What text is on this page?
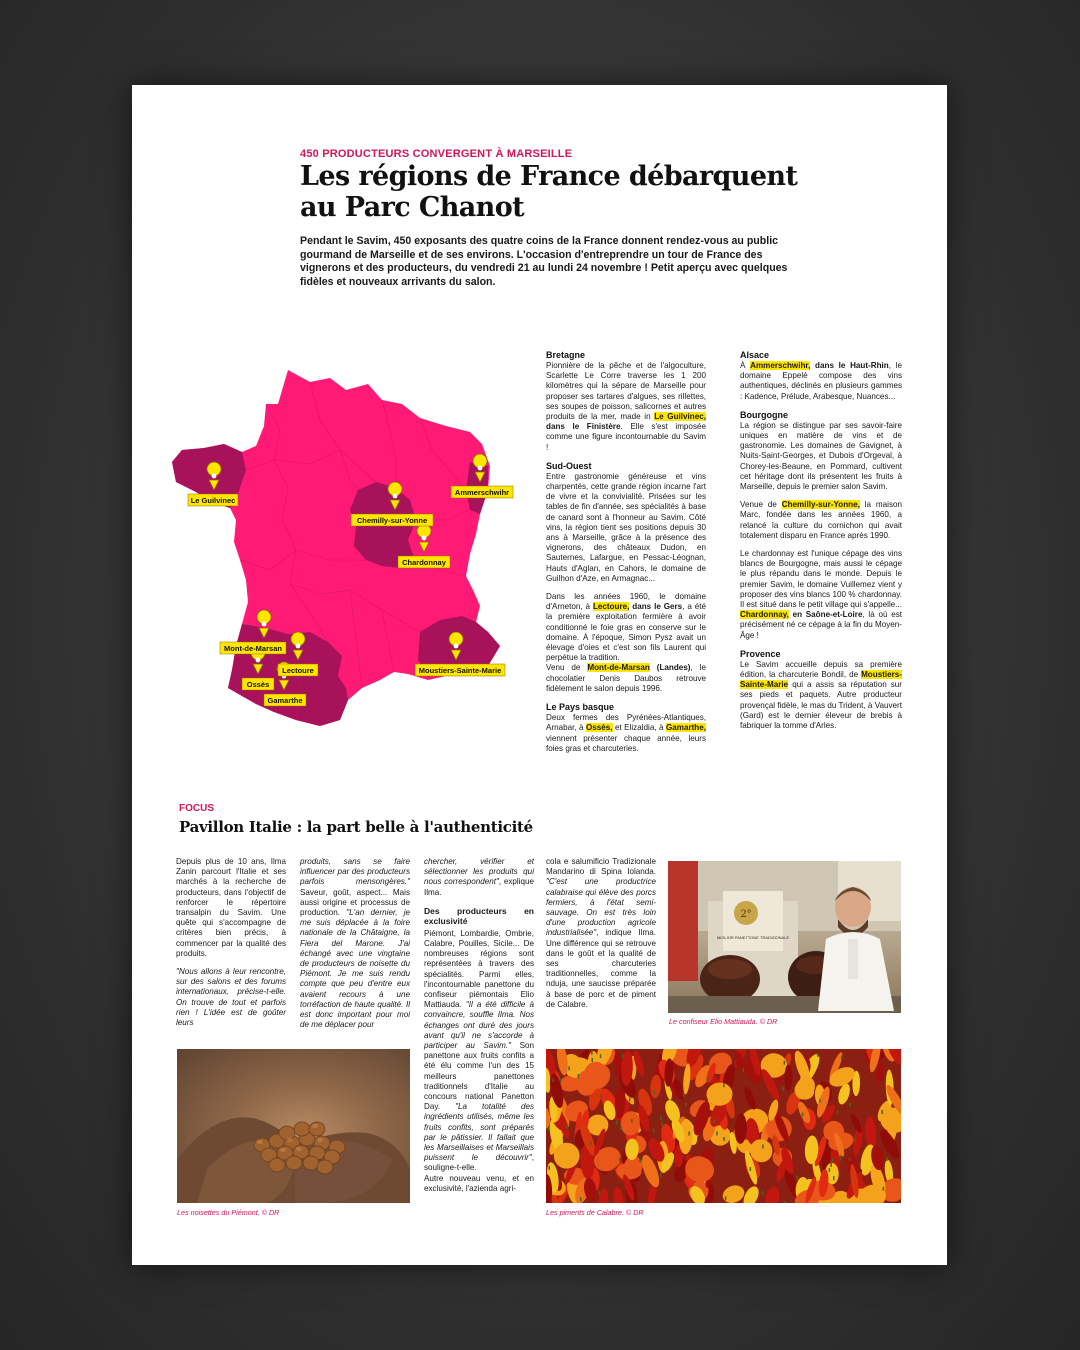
450 PRODUCTEURS CONVERGENT À MARSEILLE
Les régions de France débarquent
au Parc Chanot

Pendant le Savim, 450 exposants des quatre coins de la France donnent rendez-vous au public gourmand de Marseille et de ses environs. L'occasion d'entreprendre un tour de France des vignerons et des producteurs, du vendredi 21 au lundi 24 novembre ! Petit aperçu avec quelques fidèles et nouveaux arrivants du salon.

Le Guilvinec
Ammerschwihr
Chemilly-sur-Yonne
Chardonnay
Mont-de-Marsan
Lectoure	Moustiers-Sainte-Marie
Ossès
Gamarthe
Bretagne

Pionnière de la pêche et de l'algoculture, Scarlette Le Corre traverse les 1 200 kilomètres qui la sépare de Marseille pour proposer ses tartares d'algues, ses rillettes, ses soupes de poisson, salicornes et autres produits de la mer, made in Le Guilvinec, dans le Finistère. Elle s'est imposée comme une figure incontournable du Savim !

Sud-Ouest

Entre gastronomie généreuse et vins charpentés, cette grande région incarne l'art de vivre et la convivialité. Prisées sur les tables de fin d'année, ses spécialités à base de canard sont à l'honneur au Savim. Côté vins, la région tient ses positions depuis 30 ans à Marseille, grâce à la présence des vignerons, des châteaux Dudon, en Sauternes, Lafargue, en Pessac-Léognan, Hauts d'Aglan, en Cahors, le domaine de Guilhon d'Aze, en Armagnac...

Dans les années 1960, le domaine d'Arneton, à Lectoure, dans le Gers, a été la première exploitation fermière à avoir conditionné le foie gras en conserve sur le domaine. À l'époque, Simon Pysz avait un élevage d'oies et c'est son fils Laurent qui perpétue la tradition.

Venu de Mont-de-Marsan (Landes), le chocolatier Denis Daubos retrouve fidèlement le salon depuis 1996.

Le Pays basque

Deux fermes des Pyrénées-Atlantiques, Arnabar, à Ossès, et Elizaldia, à Gamarthe, viennent présenter chaque année, leurs foies gras et charcuteries.

Alsace

À Ammerschwihr, dans le Haut-Rhin, le domaine Eppelé compose des vins authentiques, déclinés en plusieurs gammes : Kadence, Prélude, Arabesque, Nuances...

Bourgogne

La région se distingue par ses savoir-faire uniques en matière de vins et de gastronomie. Les domaines de Gavignet, à Nuits-Saint-Georges, et Dubois d'Orgeval, à Chorey-les-Beaune, en Pommard, cultivent cet héritage dont ils présentent les fruits à Marseille, depuis le premier salon Savim.

Venue de Chemilly-sur-Yonne, la maison Marc, fondée dans les années 1960, a relancé la culture du cornichon qui avait totalement disparu en France après 1990.

Le chardonnay est l'unique cépage des vins blancs de Bourgogne, mais aussi le cépage le plus répandu dans le monde. Depuis le premier Savim, le domaine Vuillemez vient y proposer des vins blancs 100 % chardonnay. Il est situé dans le petit village qui s'appelle... Chardonnay, en Saône-et-Loire, là où est précisément né ce cépage à la fin du Moyen-Âge !

Provence

Le Savim accueille depuis sa première édition, la charcuterie Bondil, de Moustiers-Sainte-Marie qui a assis sa réputation sur ses pieds et paquets. Autre producteur provençal fidèle, le mas du Trident, à Vauvert (Gard) est le dernier éleveur de brebis à fabriquer la tomme d'Arles.

FOCUS
Pavillon Italie : la part belle à l'authenticité

Depuis plus de 10 ans, Ilma Zanin parcourt l'Italie et ses marchés à la recherche de producteurs, dans l'objectif de renforcer le répertoire transalpin du Savim. Une quête qui s'accompagne de critères bien précis, à commencer par la qualité des produits.

"Nous allons à leur rencontre, sur des salons et des forums internationaux, précise-t-elle. On trouve de tout et parfois rien ! L'idée est de goûter leurs

produits, sans se faire influencer par des producteurs parfois mensongères." Saveur, goût, aspect... Mais aussi origine et processus de production. "L'an dernier, je me suis déplacée à la foire nationale de la Châtaigne, la Fiera del Marone. J'ai échangé avec une vingtaine de producteurs de noisette du Piémont. Je me suis rendu compte que peu d'entre eux avaient recours à une torréfaction de haute qualité. Il est donc important pour moi de me déplacer pour

chercher, vérifier et sélectionner les produits qui nous correspondent", explique Ilma.

Des producteurs en exclusivité

Piémont, Lombardie, Ombrie, Calabre, Pouilles, Sicile... De nombreuses régions sont représentées à travers des spécialités. Parmi elles, l'incontournable panettone du confiseur piémontais Elio Mattiauda. "Il a été difficile à convaincre, souffle Ilma. Nos échanges ont duré des jours avant qu'il ne s'accorde à participer au Savim." Son panettone aux fruits confits a été élu comme l'un des 15 meilleurs panettones traditionnels d'Italie au concours national Panetton Day. "La totalité des ingrédients utilisés, même les fruits confits, sont préparés par le pâtissier. Il fallait que les Marseillaises et Marseillais puissent le découvrir", souligne-t-elle.

Autre nouveau venu, et en exclusivité, l'azienda agri-

cola e salumificio Tradizionale Mandarino di Spina Iolanda. "C'est une productrice calabraise qui élève des porcs fermiers, à l'état semi-sauvage. On est très loin d'une production agricole industrialisée", indique Ilma. Une différence qui se retrouve dans le goût et la qualité de ses charcuteries traditionnelles, comme la nduja, une saucisse préparée à base de porc et de piment de Calabre.

2°
MIGLIOR PANETTONE TRADIZIONALE
Le confiseur Elio Mattiauda. © DR
Les noisettes du Piémont. © DR	Les piments de Calabre. © DR
